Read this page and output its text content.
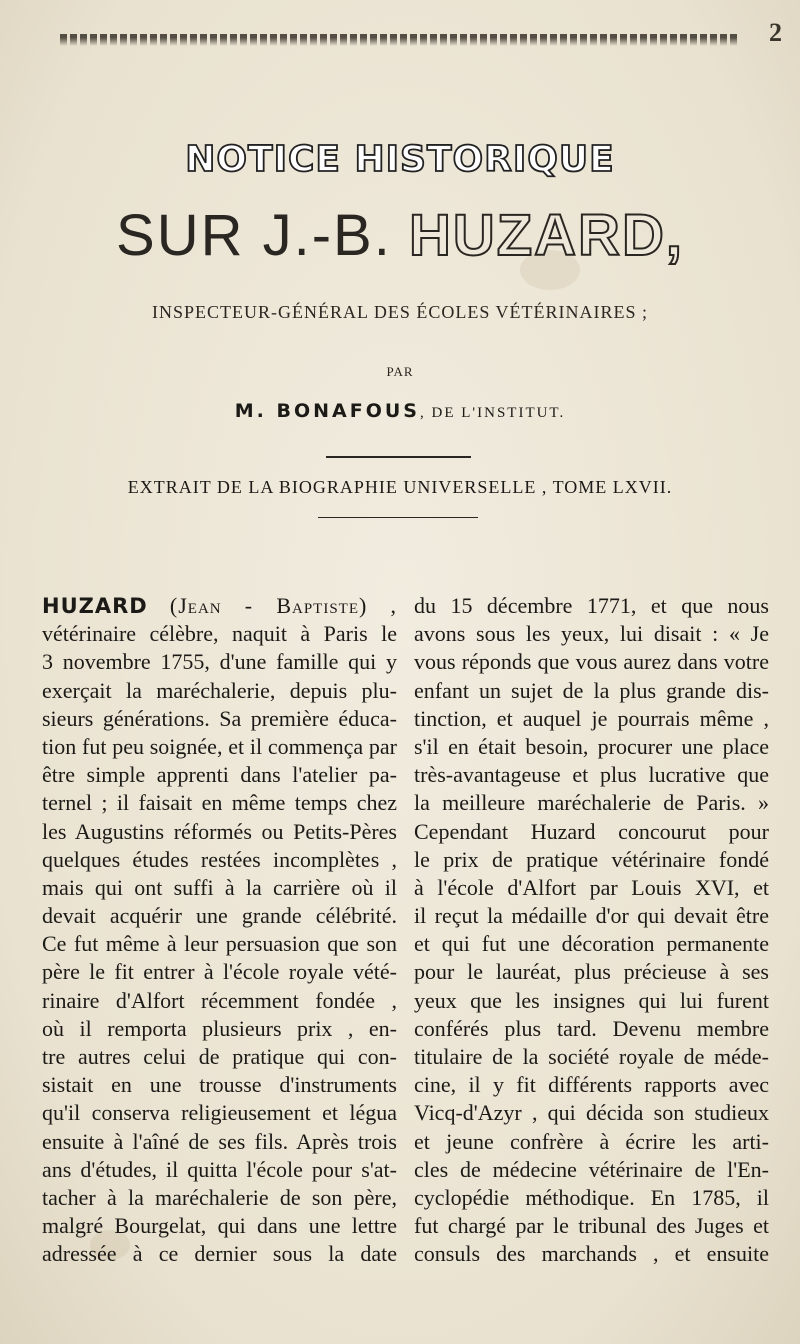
2
NOTICE HISTORIQUE
SUR J.-B. HUZARD,
INSPECTEUR-GÉNÉRAL DES ÉCOLES VÉTÉRINAIRES ;
PAR
M. BONAFOUS, DE L'INSTITUT.
EXTRAIT DE LA BIOGRAPHIE UNIVERSELLE , TOME LXVII.
HUZARD (Jean - Baptiste) ,
vétérinaire célèbre, naquit à Paris le
3 novembre 1755, d'une famille qui y
exerçait la maréchalerie, depuis plu-
sieurs générations. Sa première éduca-
tion fut peu soignée, et il commença par
être simple apprenti dans l'atelier pa-
ternel ; il faisait en même temps chez
les Augustins réformés ou Petits-Pères
quelques études restées incomplètes ,
mais qui ont suffi à la carrière où il
devait acquérir une grande célébrité.
Ce fut même à leur persuasion que son
père le fit entrer à l'école royale vété-
rinaire d'Alfort récemment fondée ,
où il remporta plusieurs prix , en-
tre autres celui de pratique qui con-
sistait en une trousse d'instruments
qu'il conserva religieusement et légua
ensuite à l'aîné de ses fils. Après trois
ans d'études, il quitta l'école pour s'at-
tacher à la maréchalerie de son père,
malgré Bourgelat, qui dans une lettre
adressée à ce dernier sous la date
du 15 décembre 1771, et que nous
avons sous les yeux, lui disait : « Je
vous réponds que vous aurez dans votre
enfant un sujet de la plus grande dis-
tinction, et auquel je pourrais même ,
s'il en était besoin, procurer une place
très-avantageuse et plus lucrative que
la meilleure maréchalerie de Paris. »
Cependant Huzard concourut pour
le prix de pratique vétérinaire fondé
à l'école d'Alfort par Louis XVI, et
il reçut la médaille d'or qui devait être
et qui fut une décoration permanente
pour le lauréat, plus précieuse à ses
yeux que les insignes qui lui furent
conférés plus tard. Devenu membre
titulaire de la société royale de méde-
cine, il y fit différents rapports avec
Vicq-d'Azyr , qui décida son studieux
et jeune confrère à écrire les arti-
cles de médecine vétérinaire de l'En-
cyclopédie méthodique. En 1785, il
fut chargé par le tribunal des Juges et
consuls des marchands , et ensuite
